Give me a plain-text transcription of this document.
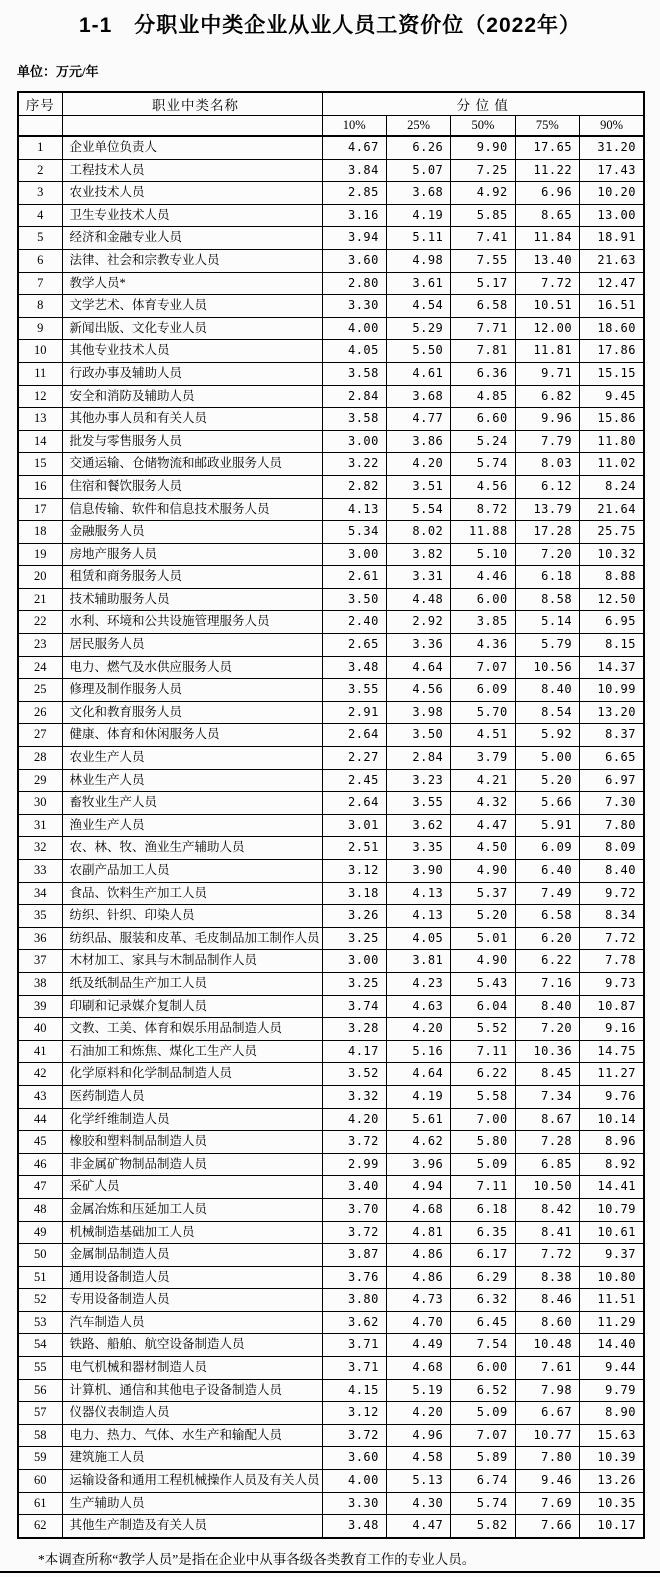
1-1　分职业中类企业从业人员工资价位（2022年）
单位：万元/年
序号	职业中类名称	分 位 值				
		10%	25%	50%	75%	90%
1	企业单位负责人	4.67	6.26	9.90	17.65	31.20
2	工程技术人员	3.84	5.07	7.25	11.22	17.43
3	农业技术人员	2.85	3.68	4.92	6.96	10.20
4	卫生专业技术人员	3.16	4.19	5.85	8.65	13.00
5	经济和金融专业人员	3.94	5.11	7.41	11.84	18.91
6	法律、社会和宗教专业人员	3.60	4.98	7.55	13.40	21.63
7	教学人员*	2.80	3.61	5.17	7.72	12.47
8	文学艺术、体育专业人员	3.30	4.54	6.58	10.51	16.51
9	新闻出版、文化专业人员	4.00	5.29	7.71	12.00	18.60
10	其他专业技术人员	4.05	5.50	7.81	11.81	17.86
11	行政办事及辅助人员	3.58	4.61	6.36	9.71	15.15
12	安全和消防及辅助人员	2.84	3.68	4.85	6.82	9.45
13	其他办事人员和有关人员	3.58	4.77	6.60	9.96	15.86
14	批发与零售服务人员	3.00	3.86	5.24	7.79	11.80
15	交通运输、仓储物流和邮政业服务人员	3.22	4.20	5.74	8.03	11.02
16	住宿和餐饮服务人员	2.82	3.51	4.56	6.12	8.24
17	信息传输、软件和信息技术服务人员	4.13	5.54	8.72	13.79	21.64
18	金融服务人员	5.34	8.02	11.88	17.28	25.75
19	房地产服务人员	3.00	3.82	5.10	7.20	10.32
20	租赁和商务服务人员	2.61	3.31	4.46	6.18	8.88
21	技术辅助服务人员	3.50	4.48	6.00	8.58	12.50
22	水利、环境和公共设施管理服务人员	2.40	2.92	3.85	5.14	6.95
23	居民服务人员	2.65	3.36	4.36	5.79	8.15
24	电力、燃气及水供应服务人员	3.48	4.64	7.07	10.56	14.37
25	修理及制作服务人员	3.55	4.56	6.09	8.40	10.99
26	文化和教育服务人员	2.91	3.98	5.70	8.54	13.20
27	健康、体育和休闲服务人员	2.64	3.50	4.51	5.92	8.37
28	农业生产人员	2.27	2.84	3.79	5.00	6.65
29	林业生产人员	2.45	3.23	4.21	5.20	6.97
30	畜牧业生产人员	2.64	3.55	4.32	5.66	7.30
31	渔业生产人员	3.01	3.62	4.47	5.91	7.80
32	农、林、牧、渔业生产辅助人员	2.51	3.35	4.50	6.09	8.09
33	农副产品加工人员	3.12	3.90	4.90	6.40	8.40
34	食品、饮料生产加工人员	3.18	4.13	5.37	7.49	9.72
35	纺织、针织、印染人员	3.26	4.13	5.20	6.58	8.34
36	纺织品、服装和皮革、毛皮制品加工制作人员	3.25	4.05	5.01	6.20	7.72
37	木材加工、家具与木制品制作人员	3.00	3.81	4.90	6.22	7.78
38	纸及纸制品生产加工人员	3.25	4.23	5.43	7.16	9.73
39	印刷和记录媒介复制人员	3.74	4.63	6.04	8.40	10.87
40	文教、工美、体育和娱乐用品制造人员	3.28	4.20	5.52	7.20	9.16
41	石油加工和炼焦、煤化工生产人员	4.17	5.16	7.11	10.36	14.75
42	化学原料和化学制品制造人员	3.52	4.64	6.22	8.45	11.27
43	医药制造人员	3.32	4.19	5.58	7.34	9.76
44	化学纤维制造人员	4.20	5.61	7.00	8.67	10.14
45	橡胶和塑料制品制造人员	3.72	4.62	5.80	7.28	8.96
46	非金属矿物制品制造人员	2.99	3.96	5.09	6.85	8.92
47	采矿人员	3.40	4.94	7.11	10.50	14.41
48	金属冶炼和压延加工人员	3.70	4.68	6.18	8.42	10.79
49	机械制造基础加工人员	3.72	4.81	6.35	8.41	10.61
50	金属制品制造人员	3.87	4.86	6.17	7.72	9.37
51	通用设备制造人员	3.76	4.86	6.29	8.38	10.80
52	专用设备制造人员	3.80	4.73	6.32	8.46	11.51
53	汽车制造人员	3.62	4.70	6.45	8.60	11.29
54	铁路、船舶、航空设备制造人员	3.71	4.49	7.54	10.48	14.40
55	电气机械和器材制造人员	3.71	4.68	6.00	7.61	9.44
56	计算机、通信和其他电子设备制造人员	4.15	5.19	6.52	7.98	9.79
57	仪器仪表制造人员	3.12	4.20	5.09	6.67	8.90
58	电力、热力、气体、水生产和输配人员	3.72	4.96	7.07	10.77	15.63
59	建筑施工人员	3.60	4.58	5.89	7.80	10.39
60	运输设备和通用工程机械操作人员及有关人员	4.00	5.13	6.74	9.46	13.26
61	生产辅助人员	3.30	4.30	5.74	7.69	10.35
62	其他生产制造及有关人员	3.48	4.47	5.82	7.66	10.17
*本调查所称“教学人员”是指在企业中从事各级各类教育工作的专业人员。
